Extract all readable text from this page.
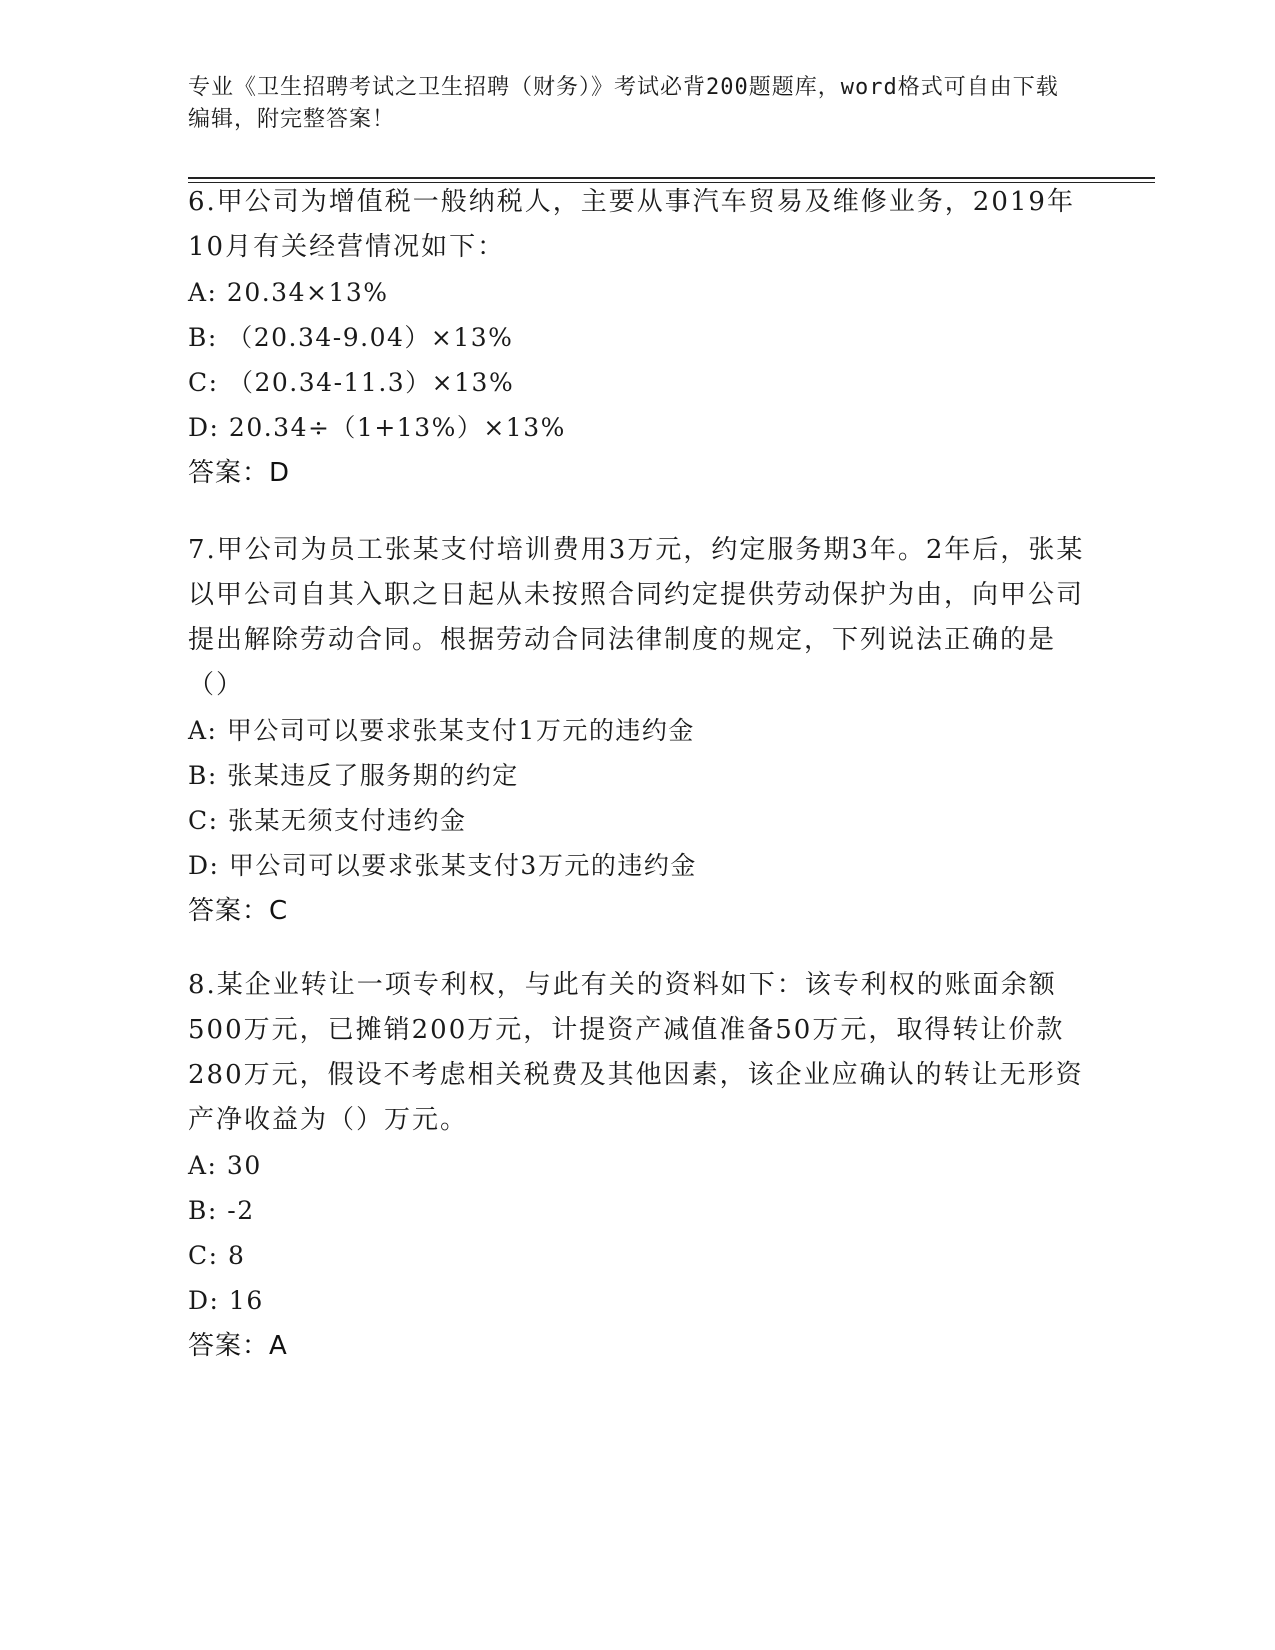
专业《卫生招聘考试之卫生招聘（财务）》考试必背200题题库，word格式可自由下载编辑，附完整答案！

6.甲公司为增值税一般纳税人，主要从事汽车贸易及维修业务，2019年10月有关经营情况如下：

A: 20.34×13%

B: （20.34-9.04）×13%

C: （20.34-11.3）×13%

D: 20.34÷（1+13%）×13%

答案：D

7.甲公司为员工张某支付培训费用3万元，约定服务期3年。2年后，张某以甲公司自其入职之日起从未按照合同约定提供劳动保护为由，向甲公司提出解除劳动合同。根据劳动合同法律制度的规定，下列说法正确的是（）

A: 甲公司可以要求张某支付1万元的违约金

B: 张某违反了服务期的约定

C: 张某无须支付违约金

D: 甲公司可以要求张某支付3万元的违约金

答案：C

8.某企业转让一项专利权，与此有关的资料如下：该专利权的账面余额500万元，已摊销200万元，计提资产减值准备50万元，取得转让价款280万元，假设不考虑相关税费及其他因素，该企业应确认的转让无形资产净收益为（）万元。

A: 30

B: -2

C: 8

D: 16

答案：A
